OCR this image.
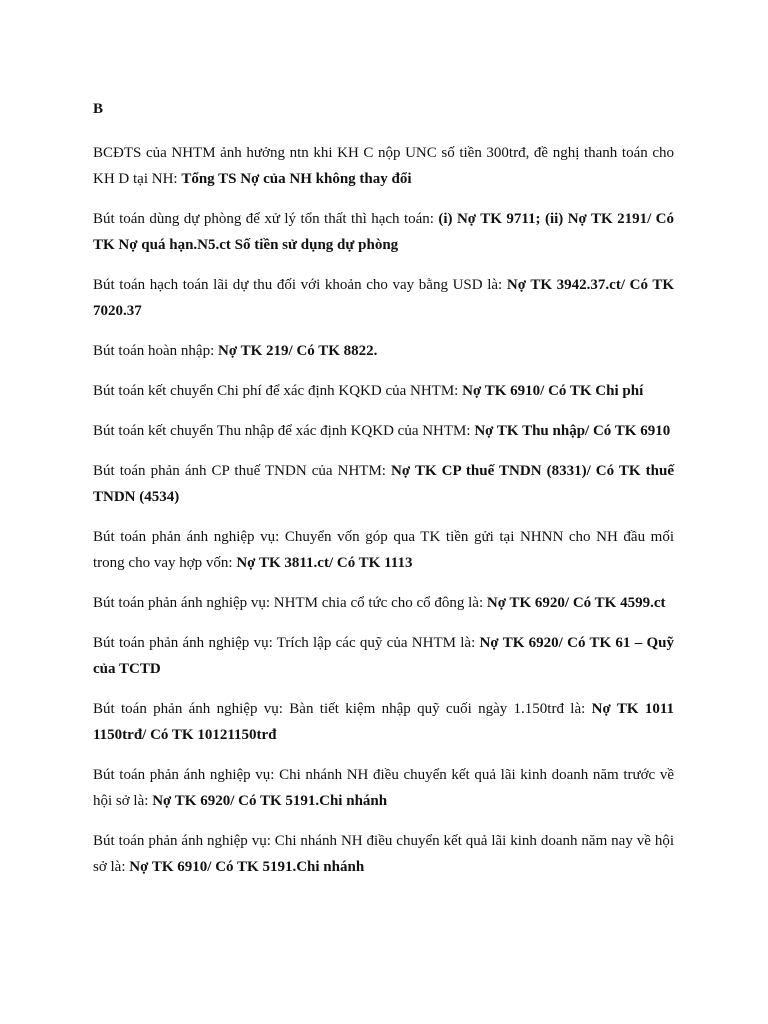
B

BCĐTS của NHTM ảnh hưởng ntn khi KH C nộp UNC số tiền 300trđ, đề nghị thanh toán cho KH D tại NH: Tổng TS Nợ của NH không thay đổi

Bút toán dùng dự phòng để xử lý tổn thất thì hạch toán: (i) Nợ TK 9711; (ii) Nợ TK 2191/ Có TK Nợ quá hạn.N5.ct Số tiền sử dụng dự phòng

Bút toán hạch toán lãi dự thu đối với khoản cho vay bằng USD là: Nợ TK 3942.37.ct/ Có TK 7020.37

Bút toán hoàn nhập: Nợ TK 219/ Có TK 8822.

Bút toán kết chuyển Chi phí để xác định KQKD của NHTM: Nợ TK 6910/ Có TK Chi phí

Bút toán kết chuyển Thu nhập để xác định KQKD của NHTM: Nợ TK Thu nhập/ Có TK 6910

Bút toán phản ánh CP thuế TNDN của NHTM: Nợ TK CP thuế TNDN (8331)/ Có TK thuế TNDN (4534)

Bút toán phản ánh nghiệp vụ: Chuyển vốn góp qua TK tiền gửi tại NHNN cho NH đầu mối trong cho vay hợp vốn: Nợ TK 3811.ct/ Có TK 1113

Bút toán phản ánh nghiệp vụ: NHTM chia cổ tức cho cổ đông là: Nợ TK 6920/ Có TK 4599.ct

Bút toán phản ánh nghiệp vụ: Trích lập các quỹ của NHTM là: Nợ TK 6920/ Có TK 61 – Quỹ của TCTD

Bút toán phản ánh nghiệp vụ: Bàn tiết kiệm nhập quỹ cuối ngày 1.150trđ là: Nợ TK 1011 1150trđ/ Có TK 10121150trđ

Bút toán phản ánh nghiệp vụ: Chi nhánh NH điều chuyển kết quả lãi kinh doanh năm trước về hội sở là: Nợ TK 6920/ Có TK 5191.Chi nhánh

Bút toán phản ánh nghiệp vụ: Chi nhánh NH điều chuyển kết quả lãi kinh doanh năm nay về hội sở là: Nợ TK 6910/ Có TK 5191.Chi nhánh
